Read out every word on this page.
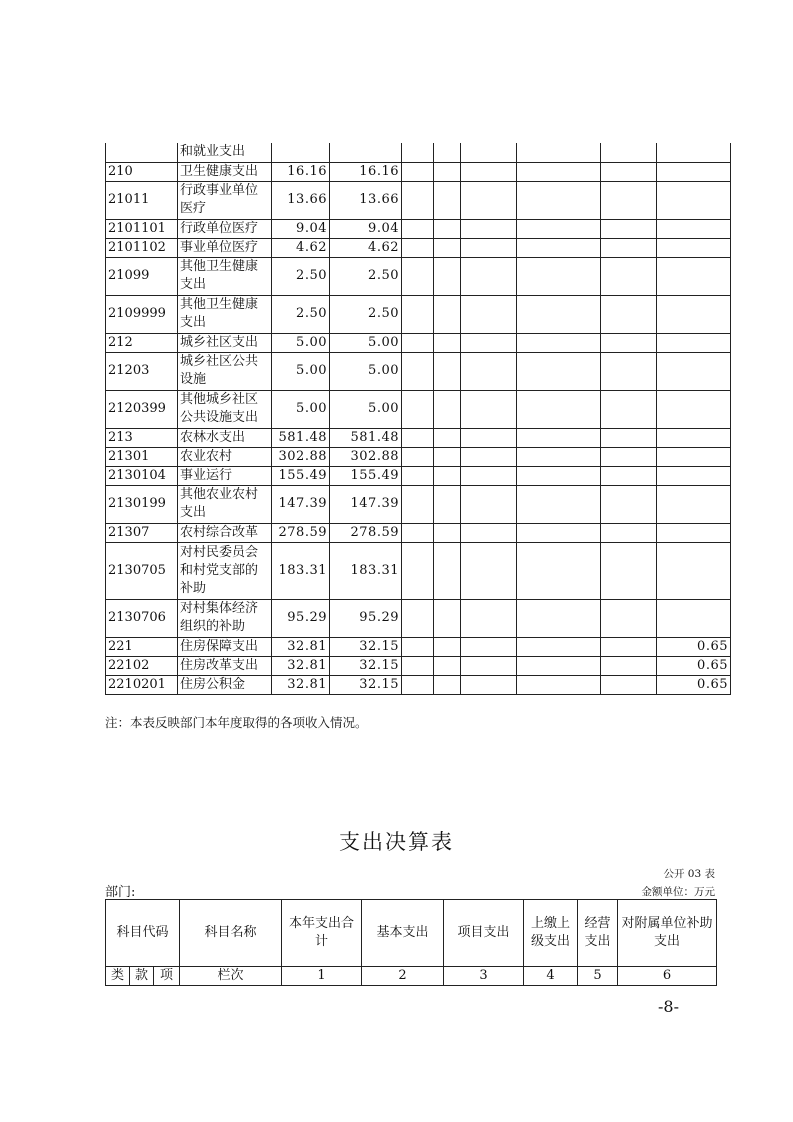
	和就业支出								
210	卫生健康支出	16.16	16.16						
21011	行政事业单位医疗	13.66	13.66						
2101101	行政单位医疗	9.04	9.04						
2101102	事业单位医疗	4.62	4.62						
21099	其他卫生健康支出	2.50	2.50						
2109999	其他卫生健康支出	2.50	2.50						
212	城乡社区支出	5.00	5.00						
21203	城乡社区公共设施	5.00	5.00						
2120399	其他城乡社区公共设施支出	5.00	5.00						
213	农林水支出	581.48	581.48						
21301	农业农村	302.88	302.88						
2130104	事业运行	155.49	155.49						
2130199	其他农业农村支出	147.39	147.39						
21307	农村综合改革	278.59	278.59						
2130705	对村民委员会和村党支部的补助	183.31	183.31						
2130706	对村集体经济组织的补助	95.29	95.29						
221	住房保障支出	32.81	32.15						0.65
22102	住房改革支出	32.81	32.15						0.65
2210201	住房公积金	32.81	32.15						0.65
注：本表反映部门本年度取得的各项收入情况。
支出决算表
公开 03 表
部门:	金额单位：万元
科目代码			科目名称	本年支出合计	基本支出	项目支出	上缴上级支出	经营支出	对附属单位补助支出
类	款	项	栏次	1	2	3	4	5	6
-8-
